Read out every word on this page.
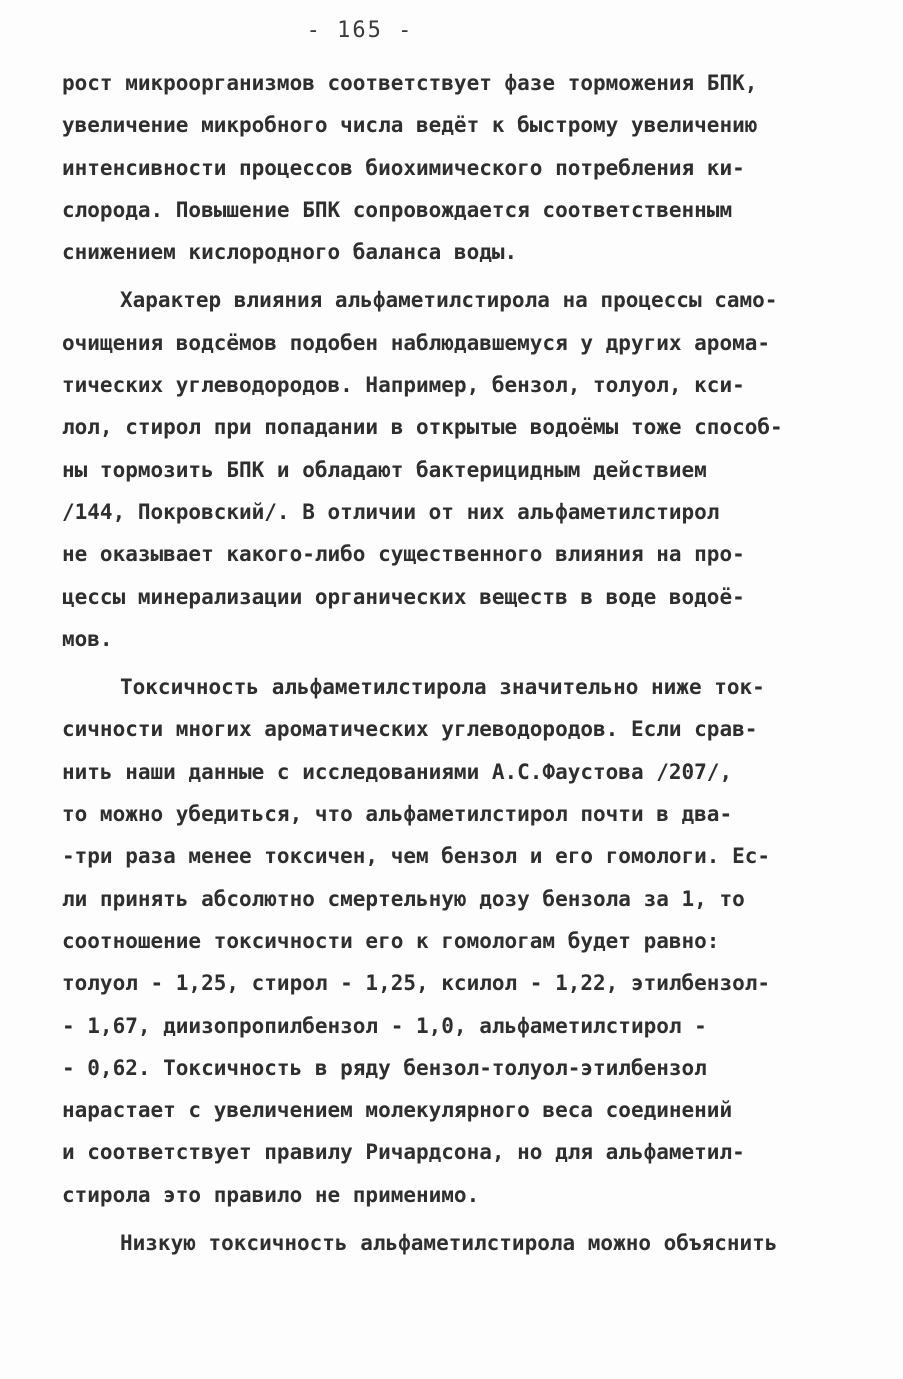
- 165 -
рост микроорганизмов соответствует фазе торможения БПК,
увеличение микробного числа ведёт к быстрому увеличению
интенсивности процессов биохимического потребления ки-
слорода. Повышение БПК сопровождается соответственным
снижением кислородного баланса воды.
Характер влияния альфаметилстирола на процессы само-
очищения водсёмов подобен наблюдавшемуся у других арома-
тических углеводородов. Например, бензол, толуол, кси-
лол, стирол при попадании в открытые водоёмы тоже способ-
ны тормозить БПК и обладают бактерицидным действием
/144, Покровский/. В отличии от них альфаметилстирол
не оказывает какого-либо существенного влияния на про-
цессы минерализации органических веществ в воде водоё-
мов.
Токсичность альфаметилстирола значительно ниже ток-
сичности многих ароматических углеводородов. Если срав-
нить наши данные с исследованиями А.С.Фаустова /207/,
то можно убедиться, что альфаметилстирол почти в два-
-три раза менее токсичен, чем бензол и его гомологи. Ес-
ли принять абсолютно смертельную дозу бензола за 1, то
соотношение токсичности его к гомологам будет равно:
толуол - 1,25, стирол - 1,25, ксилол - 1,22, этилбензол-
- 1,67, диизопропилбензол - 1,0, альфаметилстирол -
- 0,62. Токсичность в ряду бензол-толуол-этилбензол
нарастает с увеличением молекулярного веса соединений
и соответствует правилу Ричардсона, но для альфаметил-
стирола это правило не применимо.
Низкую токсичность альфаметилстирола можно объяснить
